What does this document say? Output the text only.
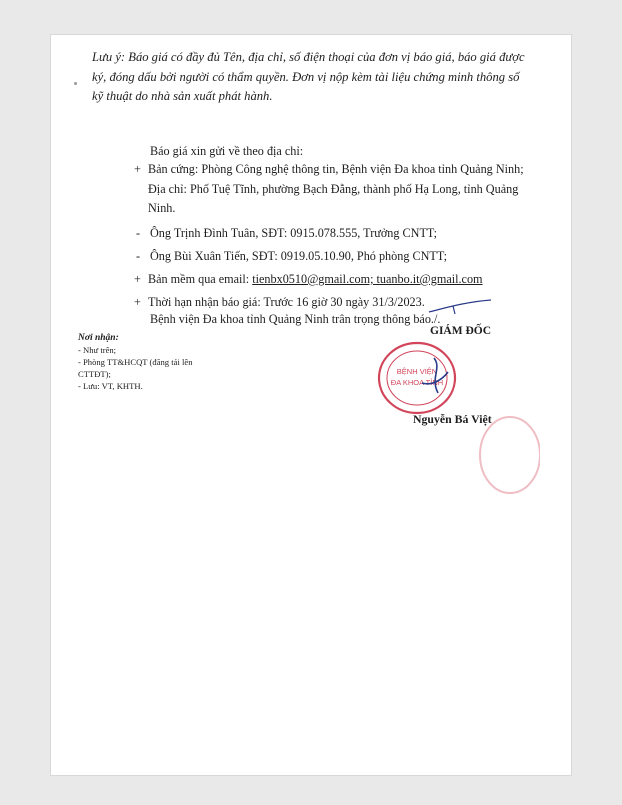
Lưu ý: Báo giá có đầy đủ Tên, địa chỉ, số điện thoại của đơn vị báo giá, báo giá được ký, đóng dấu bởi người có thẩm quyền. Đơn vị nộp kèm tài liệu chứng minh thông số kỹ thuật do nhà sản xuất phát hành.
Báo giá xin gửi về theo địa chỉ:
+ Bản cứng: Phòng Công nghệ thông tin, Bệnh viện Đa khoa tỉnh Quảng Ninh; Địa chỉ: Phố Tuệ Tĩnh, phường Bạch Đằng, thành phố Hạ Long, tỉnh Quảng Ninh.
- Ông Trịnh Đình Tuân, SĐT: 0915.078.555, Trưởng CNTT;
- Ông Bùi Xuân Tiến, SĐT: 0919.05.10.90, Phó phòng CNTT;
+ Bản mềm qua email: tienbx0510@gmail.com; tuanbo.it@gmail.com
+ Thời hạn nhận báo giá: Trước 16 giờ 30 ngày 31/3/2023.
Bệnh viện Đa khoa tỉnh Quảng Ninh trân trọng thông báo./.
Nơi nhận:
- Như trên;
- Phòng TT&HCQT (đăng tải lên
CTTĐT);
- Lưu: VT, KHTH.
GIÁM ĐỐC
BỆNH VIỆN
ĐA KHOA TỈNH
Nguyễn Bá Việt
